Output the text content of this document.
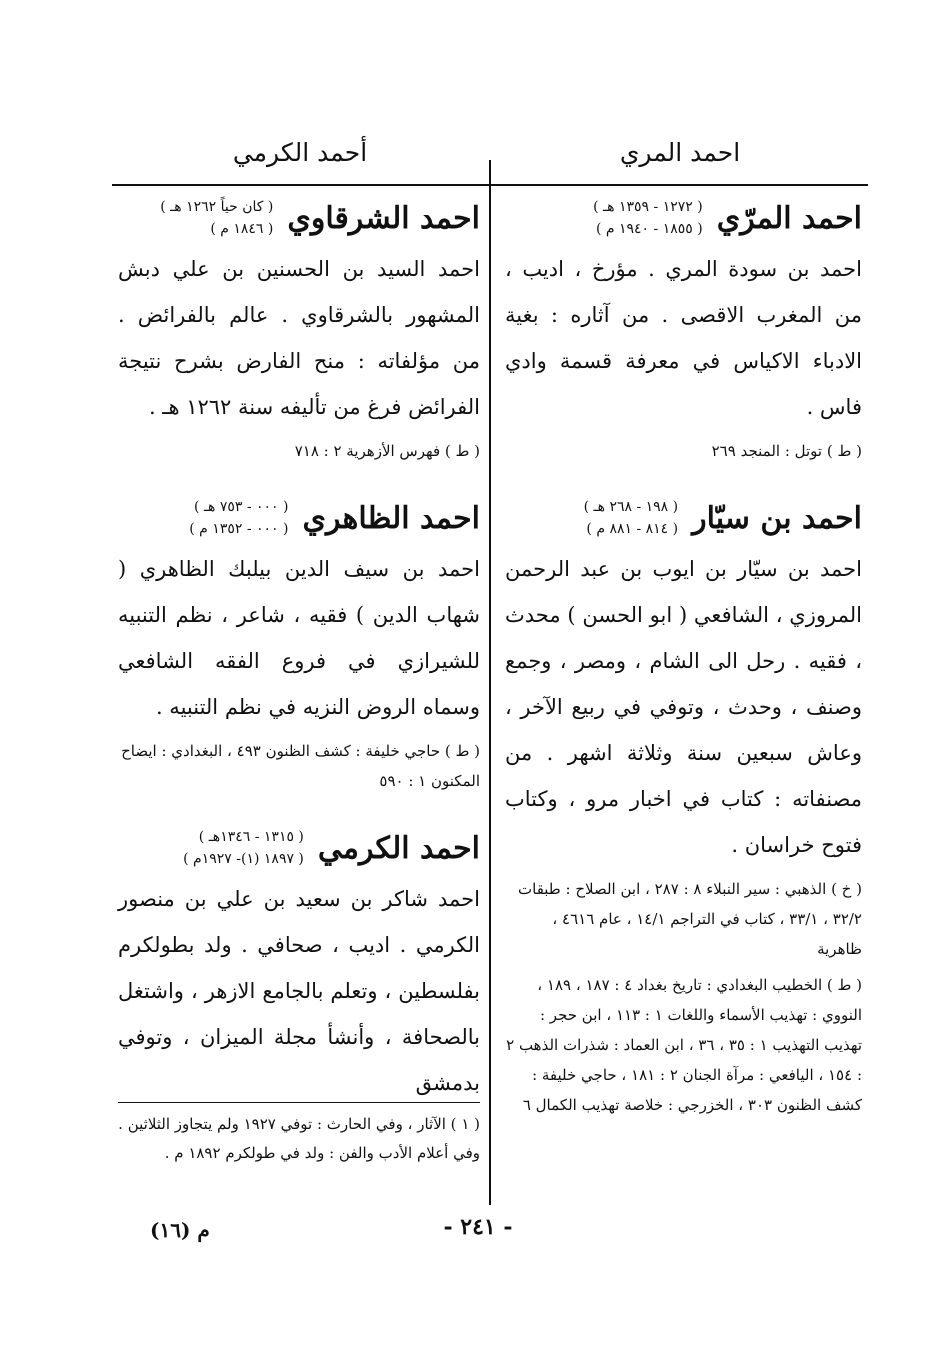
احمد المري
أحمد الكرمي
احمد المرّي
( ١٢٧٢ - ١٣٥٩ هـ )
( ١٨٥٥ - ١٩٤٠ م )

احمد بن سودة المري . مؤرخ ، اديب ، من المغرب الاقصى . من آثاره : بغية الادباء الاكياس في معرفة قسمة وادي فاس .

( ط ) توتل : المنجد ٢٦٩

احمد بن سيّار
( ١٩٨ - ٢٦٨ هـ )
( ٨١٤ - ٨٨١ م )

احمد بن سيّار بن ايوب بن عبد الرحمن المروزي ، الشافعي ( ابو الحسن ) محدث ، فقيه . رحل الى الشام ، ومصر ، وجمع وصنف ، وحدث ، وتوفي في ربيع الآخر ، وعاش سبعين سنة وثلاثة اشهر . من مصنفاته : كتاب في اخبار مرو ، وكتاب فتوح خراسان .

( خ ) الذهبي : سير النبلاء ٨ : ٢٨٧ ، ابن الصلاح : طبقات ٣٢/٢ ، ٣٣/١ ، كتاب في التراجم ١٤/١ ، عام ٤٦١٦ ، ظاهرية

( ط ) الخطيب البغدادي : تاريخ بغداد ٤ : ١٨٧ ، ١٨٩ ، النووي : تهذيب الأسماء واللغات ١ : ١١٣ ، ابن حجر : تهذيب التهذيب ١ : ٣٥ ، ٣٦ ، ابن العماد : شذرات الذهب ٢ : ١٥٤ ، اليافعي : مرآة الجنان ٢ : ١٨١ ، حاجي خليفة : كشف الظنون ٣٠٣ ، الخزرجي : خلاصة تهذيب الكمال ٦

احمد الشرقاوي
( كان حياً ١٢٦٢ هـ )
( ١٨٤٦ م )

احمد السيد بن الحسنين بن علي دبش المشهور بالشرقاوي . عالم بالفرائض . من مؤلفاته : منح الفارض بشرح نتيجة الفرائض فرغ من تأليفه سنة ١٢٦٢ هـ .

( ط ) فهرس الأزهرية ٢ : ٧١٨

احمد الظاهري
( ٠٠٠ - ٧٥٣ هـ )
( ٠٠٠ - ١٣٥٢ م )

احمد بن سيف الدين بيلبك الظاهري ( شهاب الدين ) فقيه ، شاعر ، نظم التنبيه للشيرازي في فروع الفقه الشافعي وسماه الروض النزيه في نظم التنبيه .

( ط ) حاجي خليفة : كشف الظنون ٤٩٣ ، البغدادي : ايضاح المكنون ١ : ٥٩٠

احمد الكرمي
( ١٣١٥ - ١٣٤٦هـ )
( ١٨٩٧ (١)- ١٩٢٧م )

احمد شاكر بن سعيد بن علي بن منصور الكرمي . اديب ، صحافي . ولد بطولكرم بفلسطين ، وتعلم بالجامع الازهر ، واشتغل بالصحافة ، وأنشأ مجلة الميزان ، وتوفي بدمشق

( ١ ) الآثار ، وفي الحارث : توفي ١٩٢٧ ولم يتجاوز الثلاثين . وفي أعلام الأدب والفن : ولد في طولكرم ١٨٩٢ م .
- ٢٤١ -
م (١٦)
